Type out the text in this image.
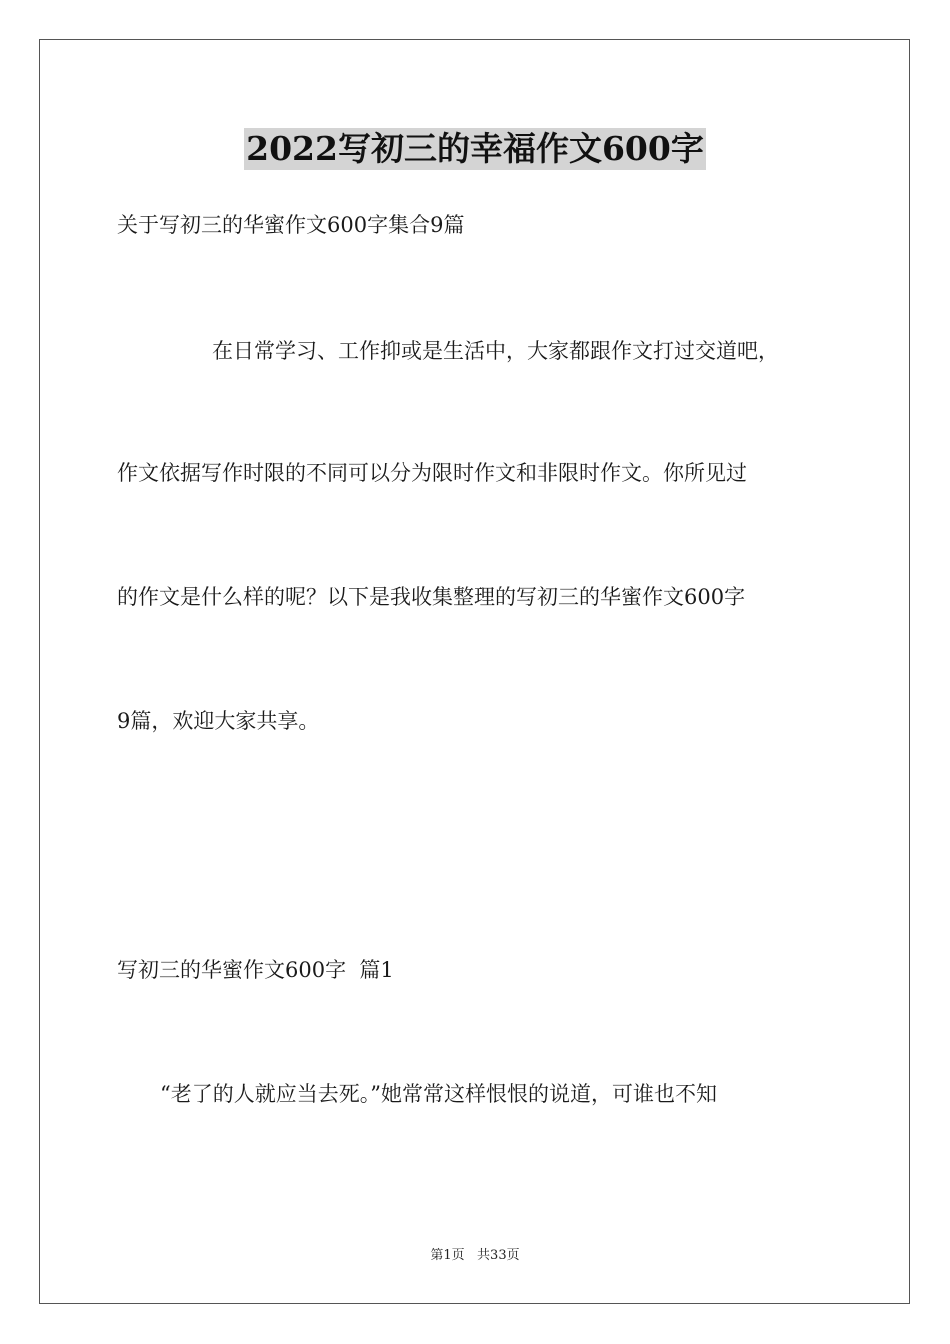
2022写初三的幸福作文600字
关于写初三的华蜜作文600字集合9篇
在日常学习、工作抑或是生活中，大家都跟作文打过交道吧，
作文依据写作时限的不同可以分为限时作文和非限时作文。你所见过
的作文是什么样的呢？以下是我收集整理的写初三的华蜜作文600字
9篇，欢迎大家共享。
写初三的华蜜作文600字  篇1
“老了的人就应当去死。”她常常这样恨恨的说道，可谁也不知
第1页   共33页
